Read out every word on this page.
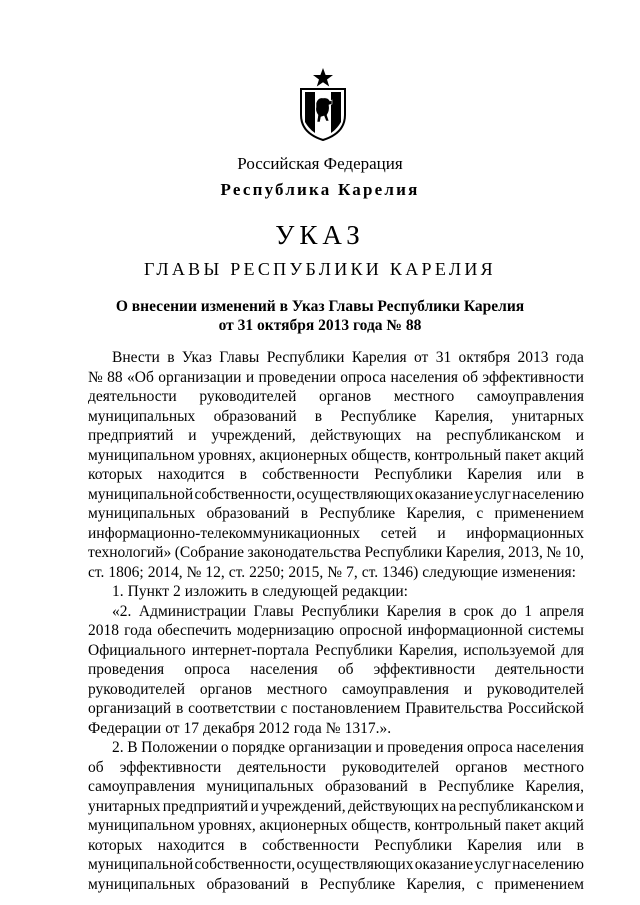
Российская Федерация
Республика Карелия
УКАЗ
ГЛАВЫ РЕСПУБЛИКИ КАРЕЛИЯ
О внесении изменений в Указ Главы Республики Карелия
от 31 октября 2013 года № 88
Внести в Указ Главы Республики Карелия от 31 октября 2013 года
№ 88 «Об организации и проведении опроса населения об эффективности
деятельности руководителей органов местного самоуправления
муниципальных образований в Республике Карелия, унитарных
предприятий и учреждений, действующих на республиканском и
муниципальном уровнях, акционерных обществ, контрольный пакет акций
которых находится в собственности Республики Карелия или в
муниципальной собственности, осуществляющих оказание услуг населению
муниципальных образований в Республике Карелия, с применением
информационно-телекоммуникационных сетей и информационных
технологий» (Собрание законодательства Республики Карелия, 2013, № 10,
ст. 1806; 2014, № 12, ст. 2250; 2015, № 7, ст. 1346) следующие изменения:
1. Пункт 2 изложить в следующей редакции:
«2. Администрации Главы Республики Карелия в срок до 1 апреля
2018 года обеспечить модернизацию опросной информационной системы
Официального интернет-портала Республики Карелия, используемой для
проведения опроса населения об эффективности деятельности
руководителей органов местного самоуправления и руководителей
организаций в соответствии с постановлением Правительства Российской
Федерации от 17 декабря 2012 года № 1317.».
2. В Положении о порядке организации и проведения опроса населения
об эффективности деятельности руководителей органов местного
самоуправления муниципальных образований в Республике Карелия,
унитарных предприятий и учреждений, действующих на республиканском и
муниципальном уровнях, акционерных обществ, контрольный пакет акций
которых находится в собственности Республики Карелия или в
муниципальной собственности, осуществляющих оказание услуг населению
муниципальных образований в Республике Карелия, с применением
